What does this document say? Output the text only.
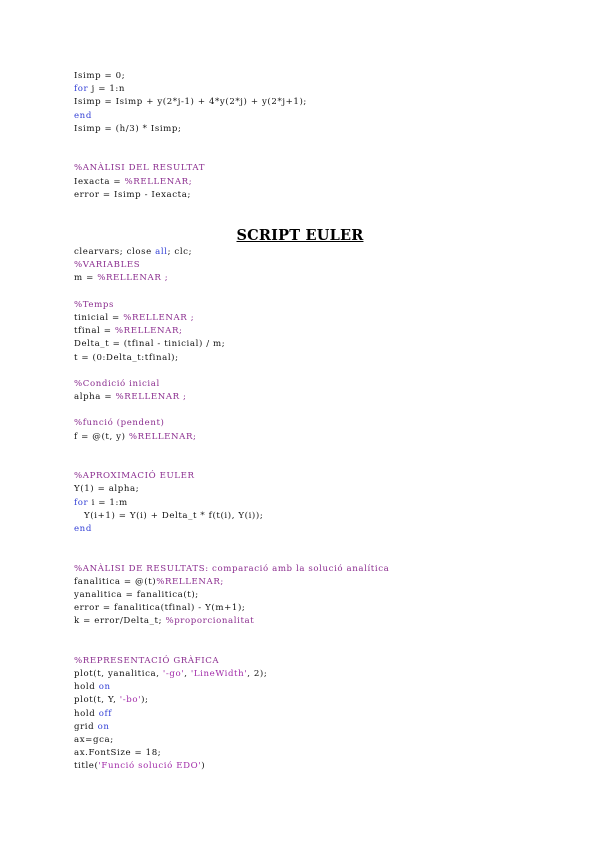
Isimp = 0;
for j = 1:n
Isimp = Isimp + y(2*j-1) + 4*y(2*j) + y(2*j+1);
end
Isimp = (h/3) * Isimp;
%ANÀLISI DEL RESULTAT
Iexacta = %RELLENAR;
error = Isimp - Iexacta;
SCRIPT EULER
clearvars; close all; clc;
%VARIABLES
m = %RELLENAR ;
%Temps
tinicial = %RELLENAR ;
tfinal = %RELLENAR;
Delta_t = (tfinal - tinicial) / m;
t = (0:Delta_t:tfinal);
%Condició inicial
alpha = %RELLENAR ;
%funció (pendent)
f = @(t, y) %RELLENAR;
%APROXIMACIÓ EULER
Y(1) = alpha;
for i = 1:m
Y(i+1) = Y(i) + Delta_t * f(t(i), Y(i));
end
%ANÀLISI DE RESULTATS: comparació amb la solució analítica
fanalitica = @(t)%RELLENAR;
yanalitica = fanalitica(t);
error = fanalitica(tfinal) - Y(m+1);
k = error/Delta_t; %proporcionalitat
%REPRESENTACIÓ GRÀFICA
plot(t, yanalitica, '-go', 'LineWidth', 2);
hold on
plot(t, Y, '-bo');
hold off
grid on
ax=gca;
ax.FontSize = 18;
title('Funció solució EDO')
